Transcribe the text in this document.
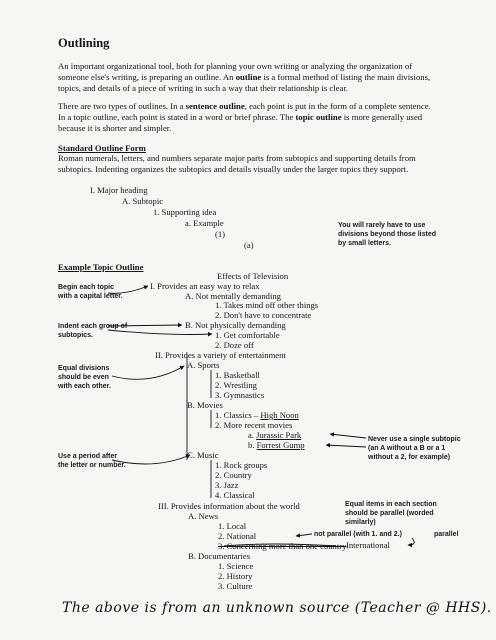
Outlining
An important organizational tool, both for planning your own writing or analyzing the organization of
someone else's writing, is preparing an outline. An outline is a formal method of listing the main divisions,
topics, and details of a piece of writing in such a way that their relationship is clear.
There are two types of outlines. In a sentence outline, each point is put in the form of a complete sentence.
In a topic outline, each point is stated in a word or brief phrase. The topic outline is more generally used
because it is shorter and simpler.
Standard Outline Form
Roman numerals, letters, and numbers separate major parts from subtopics and supporting details from
subtopics. Indenting organizes the subtopics and details visually under the larger topics they support.
I. Major heading
A. Subtopic
1. Supporting idea
a. Example
(1)
(a)
You will rarely have to use
divisions beyond those listed
by small letters.
Example Topic Outline
Effects of Television
Begin each topic
with a capital letter.
Indent each group of
subtopics.
Equal divisions
should be even
with each other.
Use a period after
the letter or number.
Never use a single subtopic
(an A without a B or a 1
without a 2, for example)
Equal items in each section
should be parallel (worded
similarly)
I. Provides an easy way to relax
A. Not mentally demanding
1. Takes mind off other things
2. Don't have to concentrate
B. Not physically demanding
1. Get comfortable
2. Doze off
II. Provides a variety of entertainment
A. Sports
1. Basketball
2. Wrestling
3. Gymnastics
B. Movies
1. Classics – High Noon
2. More recent movies
a. Jurassic Park
b. Forrest Gump
C. Music
1. Rock groups
2. Country
3. Jazz
4. Classical
III. Provides information about the world
A. News
1. Local
2. National
3. Concerning more than one country
B. Documentaries
1. Science
2. History
3. Culture
not parallel (with 1. and 2.)	parallel
International
The above is from an unknown source (Teacher @ HHS).
